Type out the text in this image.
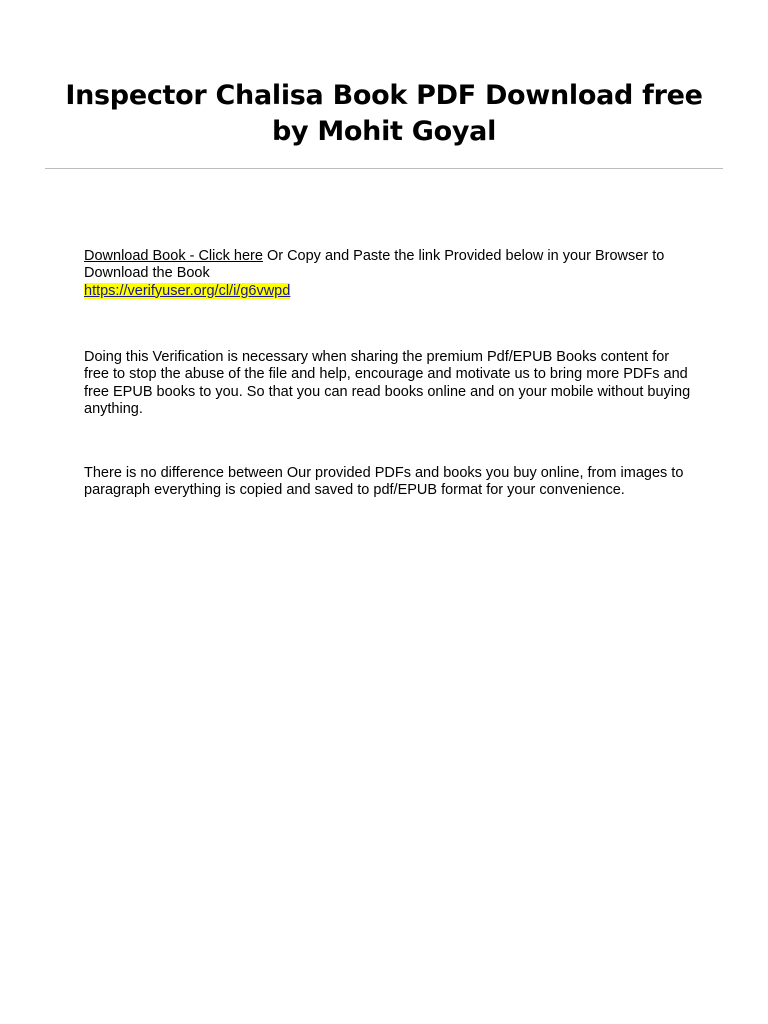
Inspector Chalisa Book PDF Download free by Mohit Goyal

Download Book - Click here Or Copy and Paste the link Provided below in your Browser to Download the Book
https://verifyuser.org/cl/i/g6vwpd

Doing this Verification is necessary when sharing the premium Pdf/EPUB Books content for free to stop the abuse of the file and help, encourage and motivate us to bring more PDFs and free EPUB books to you. So that you can read books online and on your mobile without buying anything.

There is no difference between Our provided PDFs and books you buy online, from images to paragraph everything is copied and saved to pdf/EPUB format for your convenience.
